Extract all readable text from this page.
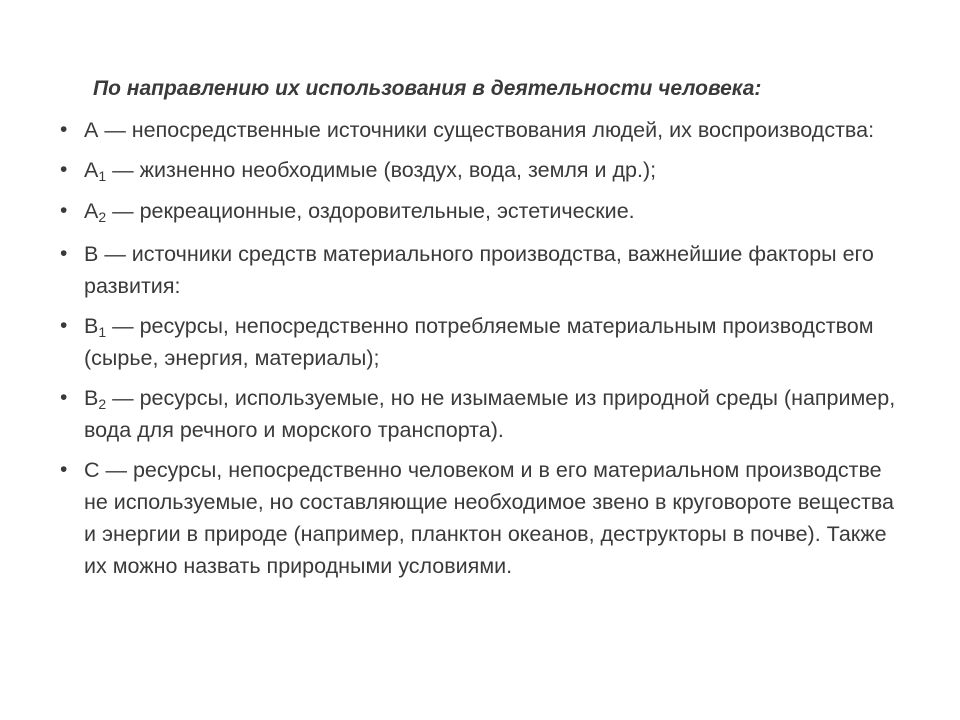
По направлению их использования в деятельности человека:
• А — непосредственные источники существования людей, их воспроизводства:
• $А_1$ — жизненно необходимые (воздух, вода, земля и др.);
• $А_2$ — рекреационные, оздоровительные, эстетические.
• В — источники средств материального производства, важнейшие факторы его развития:
• $В_1$ — ресурсы, непосредственно потребляемые материальным производством (сырье, энергия, материалы);
• $В_2$ — ресурсы, используемые, но не изымаемые из природной среды (например, вода для речного и морского транспорта).
• С — ресурсы, непосредственно человеком и в его материальном производстве не используемые, но составляющие необходимое звено в круговороте вещества и энергии в природе (например, планктон океанов, деструкторы в почве). Также их можно назвать природными условиями.
